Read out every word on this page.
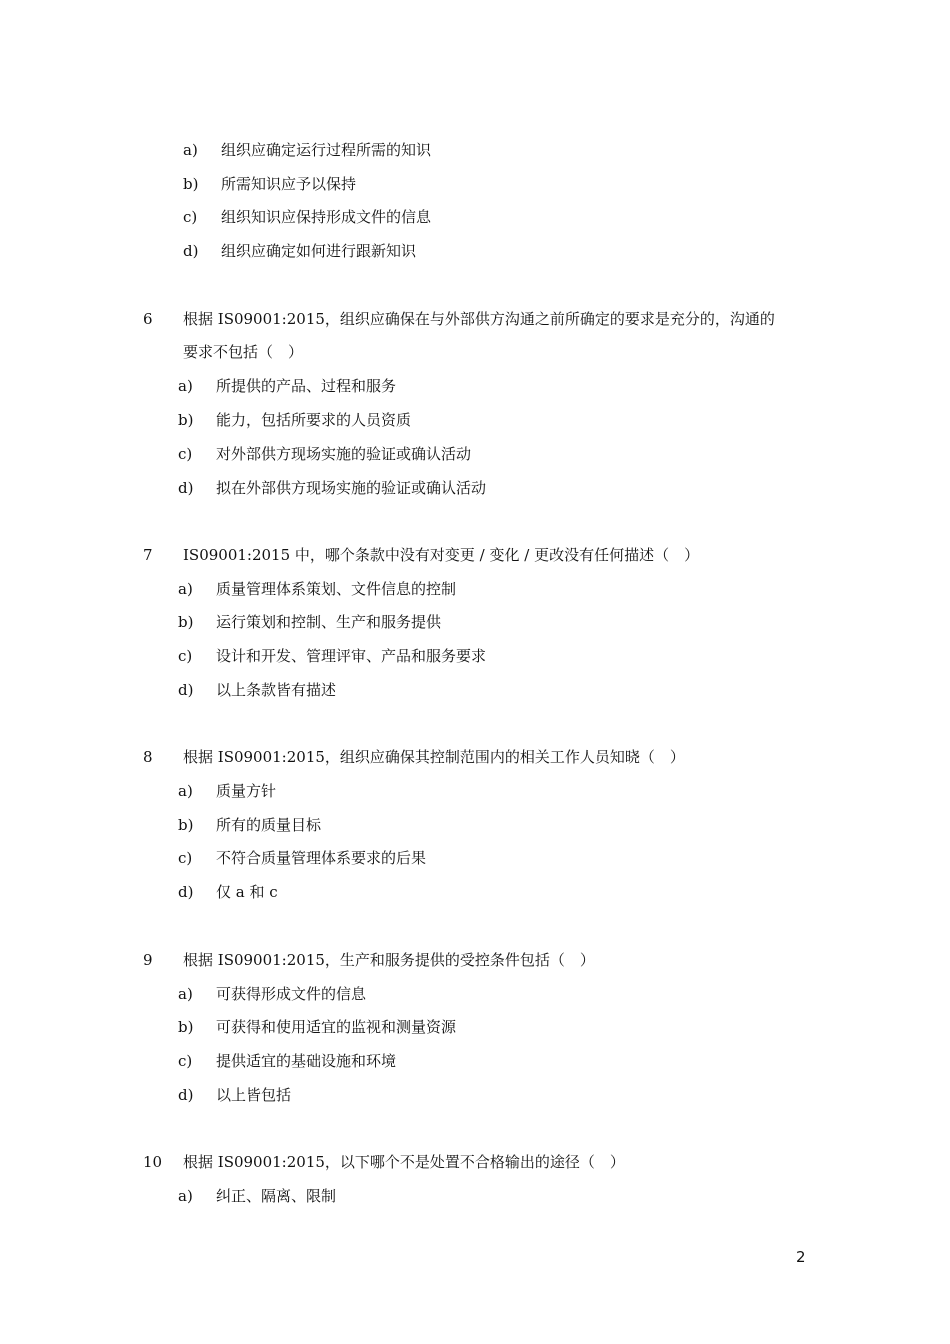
a) 组织应确定运行过程所需的知识
b) 所需知识应予以保持
c) 组织知识应保持形成文件的信息
d) 组织应确定如何进行跟新知识
6 根据 IS09001:2015，组织应确保在与外部供方沟通之前所确定的要求是充分的，沟通的
要求不包括（　）
a) 所提供的产品、过程和服务
b) 能力，包括所要求的人员资质
c) 对外部供方现场实施的验证或确认活动
d) 拟在外部供方现场实施的验证或确认活动
7 IS09001:2015 中，哪个条款中没有对变更 / 变化 / 更改没有任何描述（　）
a) 质量管理体系策划、文件信息的控制
b) 运行策划和控制、生产和服务提供
c) 设计和开发、管理评审、产品和服务要求
d) 以上条款皆有描述
8 根据 IS09001:2015，组织应确保其控制范围内的相关工作人员知晓（　）
a) 质量方针
b) 所有的质量目标
c) 不符合质量管理体系要求的后果
d) 仅 a 和 c
9 根据 IS09001:2015，生产和服务提供的受控条件包括（　）
a) 可获得形成文件的信息
b) 可获得和使用适宜的监视和测量资源
c) 提供适宜的基础设施和环境
d) 以上皆包括
10 根据 IS09001:2015，以下哪个不是处置不合格输出的途径（　）
a) 纠正、隔离、限制
2
